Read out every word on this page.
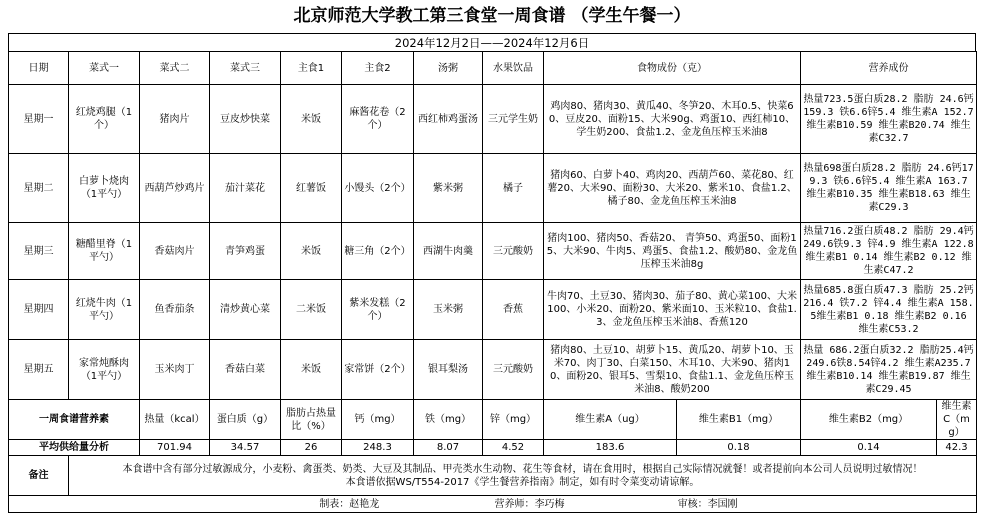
北京师范大学教工第三食堂一周食谱 （学生午餐一）
2024年12月2日——2024年12月6日
日期	菜式一	菜式二	菜式三	主食1	主食2	汤粥	水果饮品	食物成份（克）		营养成份	
星期一	红烧鸡腿（1个）	猪肉片	豆皮炒快菜	米饭	麻酱花卷（2个）	西红柿鸡蛋汤	三元学生奶	鸡肉80、猪肉30、黄瓜40、冬笋20、木耳0.5、快菜60、豆皮20、面粉15、大米90g、鸡蛋10、西红柿10、学生奶200、食盐1.2、金龙鱼压榨玉米油8		热量723.5蛋白质28.2 脂肪 24.6钙159.3 铁6.6锌5.4 维生素A 152.7 维生素B10.59 维生素B20.74 维生素C32.7	
星期二	白萝卜烧肉（1平勺）	西葫芦炒鸡片	茄汁菜花	红薯饭	小馒头（2个）	紫米粥	橘子	猪肉60、白萝卜40、鸡肉20、西葫芦60、菜花80、红薯20、大米90、面粉30、大米20、紫米10、食盐1.2、橘子80、金龙鱼压榨玉米油8		热量698蛋白质28.2 脂肪 24.6钙179.3 铁6.6锌5.4 维生素A 163.7 维生素B10.35 维生素B18.63 维生素C29.3	
星期三	糖醋里脊（1平勺）	香菇肉片	青笋鸡蛋	米饭	糖三角（2个）	西湖牛肉羹	三元酸奶	猪肉100、猪肉50、香菇20、 青笋50、鸡蛋50、面粉15、大米90、牛肉5、鸡蛋5、食盐1.2、酸奶80、金龙鱼压榨玉米油8g		热量716.2蛋白质48.2 脂肪 29.4钙249.6铁9.3 锌4.9 维生素A 122.8维生素B1 0.14 维生素B2 0.12 维生素C47.2	
星期四	红烧牛肉（1平勺）	鱼香茄条	清炒黄心菜	二米饭	紫米发糕（2个）	玉米粥	香蕉	牛肉70、土豆30、猪肉30、茄子80、黄心菜100、大米100、小米20、面粉20、紫米面10、玉米粒10、食盐1.3、金龙鱼压榨玉米油8、香蕉120		热量685.8蛋白质47.3 脂肪 25.2钙216.4 铁7.2 锌4.4 维生素A 158.5维生素B1 0.18 维生素B2 0.16 维生素C53.2	
星期五	家常炖酥肉（1平勺）	玉米肉丁	香菇白菜	米饭	家常饼（2个）	银耳梨汤	三元酸奶	猪肉80、土豆10、胡萝卜15、黄瓜20、胡萝卜10、玉米70、肉丁30、白菜150、木耳10、大米90、猪肉10、面粉20、银耳5、雪梨10、食盐1.1、金龙鱼压榨玉米油8、酸奶200		热量 686.2蛋白质32.2 脂肪25.4钙249.6铁8.54锌4.2 维生素A235.7 维生素B10.14 维生素B19.87 维生素C29.45	
一周食谱营养素		热量（kcal）	蛋白质（g）	脂肪占热量比（%）	钙（mg）	铁（mg）	锌（mg）	维生素A（ug）	维生素B1（mg）	维生素B2（mg）	维生素C（mg）
平均供给量分析		701.94	34.57	26	248.3	8.07	4.52	183.6	0.18	0.14	42.3
备注	本食谱中含有部分过敏源成分，小麦粉、禽蛋类、奶类、大豆及其制品、甲壳类水生动物、花生等食材，请在食用时，根据自己实际情况就餐！或者提前向本公司人员说明过敏情况！
本食谱依据WS/T554-2017《学生餐营养指南》制定，如有时令菜变动请谅解。										

制表：赵艳龙 营养师：李巧梅 审核：李国刚											
